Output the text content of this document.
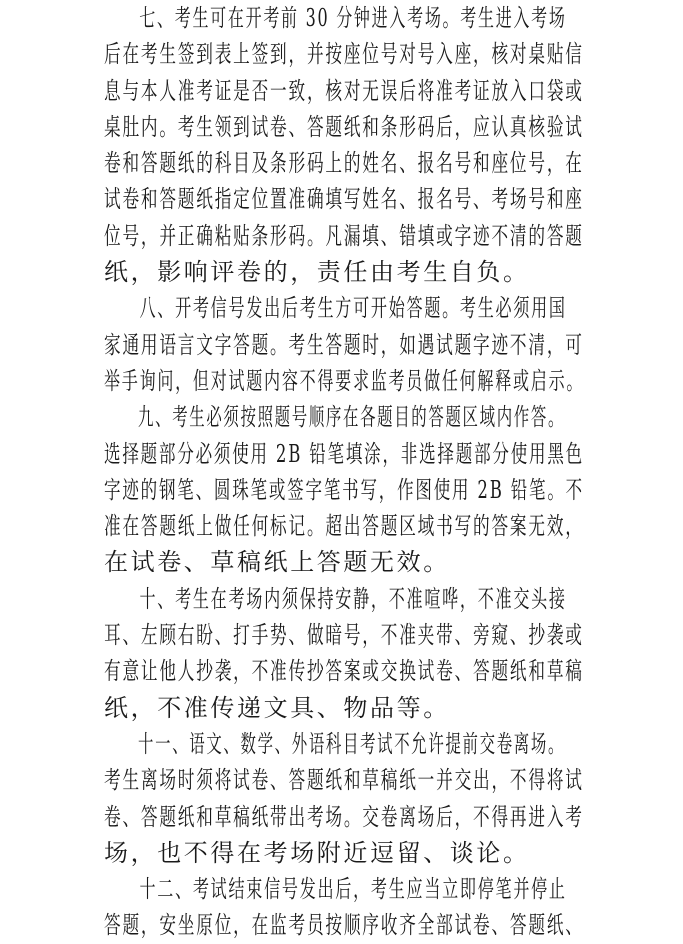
七、考生可在开考前 30 分钟进入考场。考生进入考场
后在考生签到表上签到，并按座位号对号入座，核对桌贴信
息与本人准考证是否一致，核对无误后将准考证放入口袋或
桌肚内。考生领到试卷、答题纸和条形码后，应认真核验试
卷和答题纸的科目及条形码上的姓名、报名号和座位号，在
试卷和答题纸指定位置准确填写姓名、报名号、考场号和座
位号，并正确粘贴条形码。凡漏填、错填或字迹不清的答题
纸，影响评卷的，责任由考生自负。
八、开考信号发出后考生方可开始答题。考生必须用国
家通用语言文字答题。考生答题时，如遇试题字迹不清，可
举手询问，但对试题内容不得要求监考员做任何解释或启示。
九、考生必须按照题号顺序在各题目的答题区域内作答。
选择题部分必须使用 2B 铅笔填涂，非选择题部分使用黑色
字迹的钢笔、圆珠笔或签字笔书写，作图使用 2B 铅笔。不
准在答题纸上做任何标记。超出答题区域书写的答案无效，
在试卷、草稿纸上答题无效。
十、考生在考场内须保持安静，不准喧哗，不准交头接
耳、左顾右盼、打手势、做暗号，不准夹带、旁窥、抄袭或
有意让他人抄袭，不准传抄答案或交换试卷、答题纸和草稿
纸，不准传递文具、物品等。
十一、语文、数学、外语科目考试不允许提前交卷离场。
考生离场时须将试卷、答题纸和草稿纸一并交出，不得将试
卷、答题纸和草稿纸带出考场。交卷离场后，不得再进入考
场，也不得在考场附近逗留、谈论。
十二、考试结束信号发出后，考生应当立即停笔并停止
答题，安坐原位，在监考员按顺序收齐全部试卷、答题纸、
